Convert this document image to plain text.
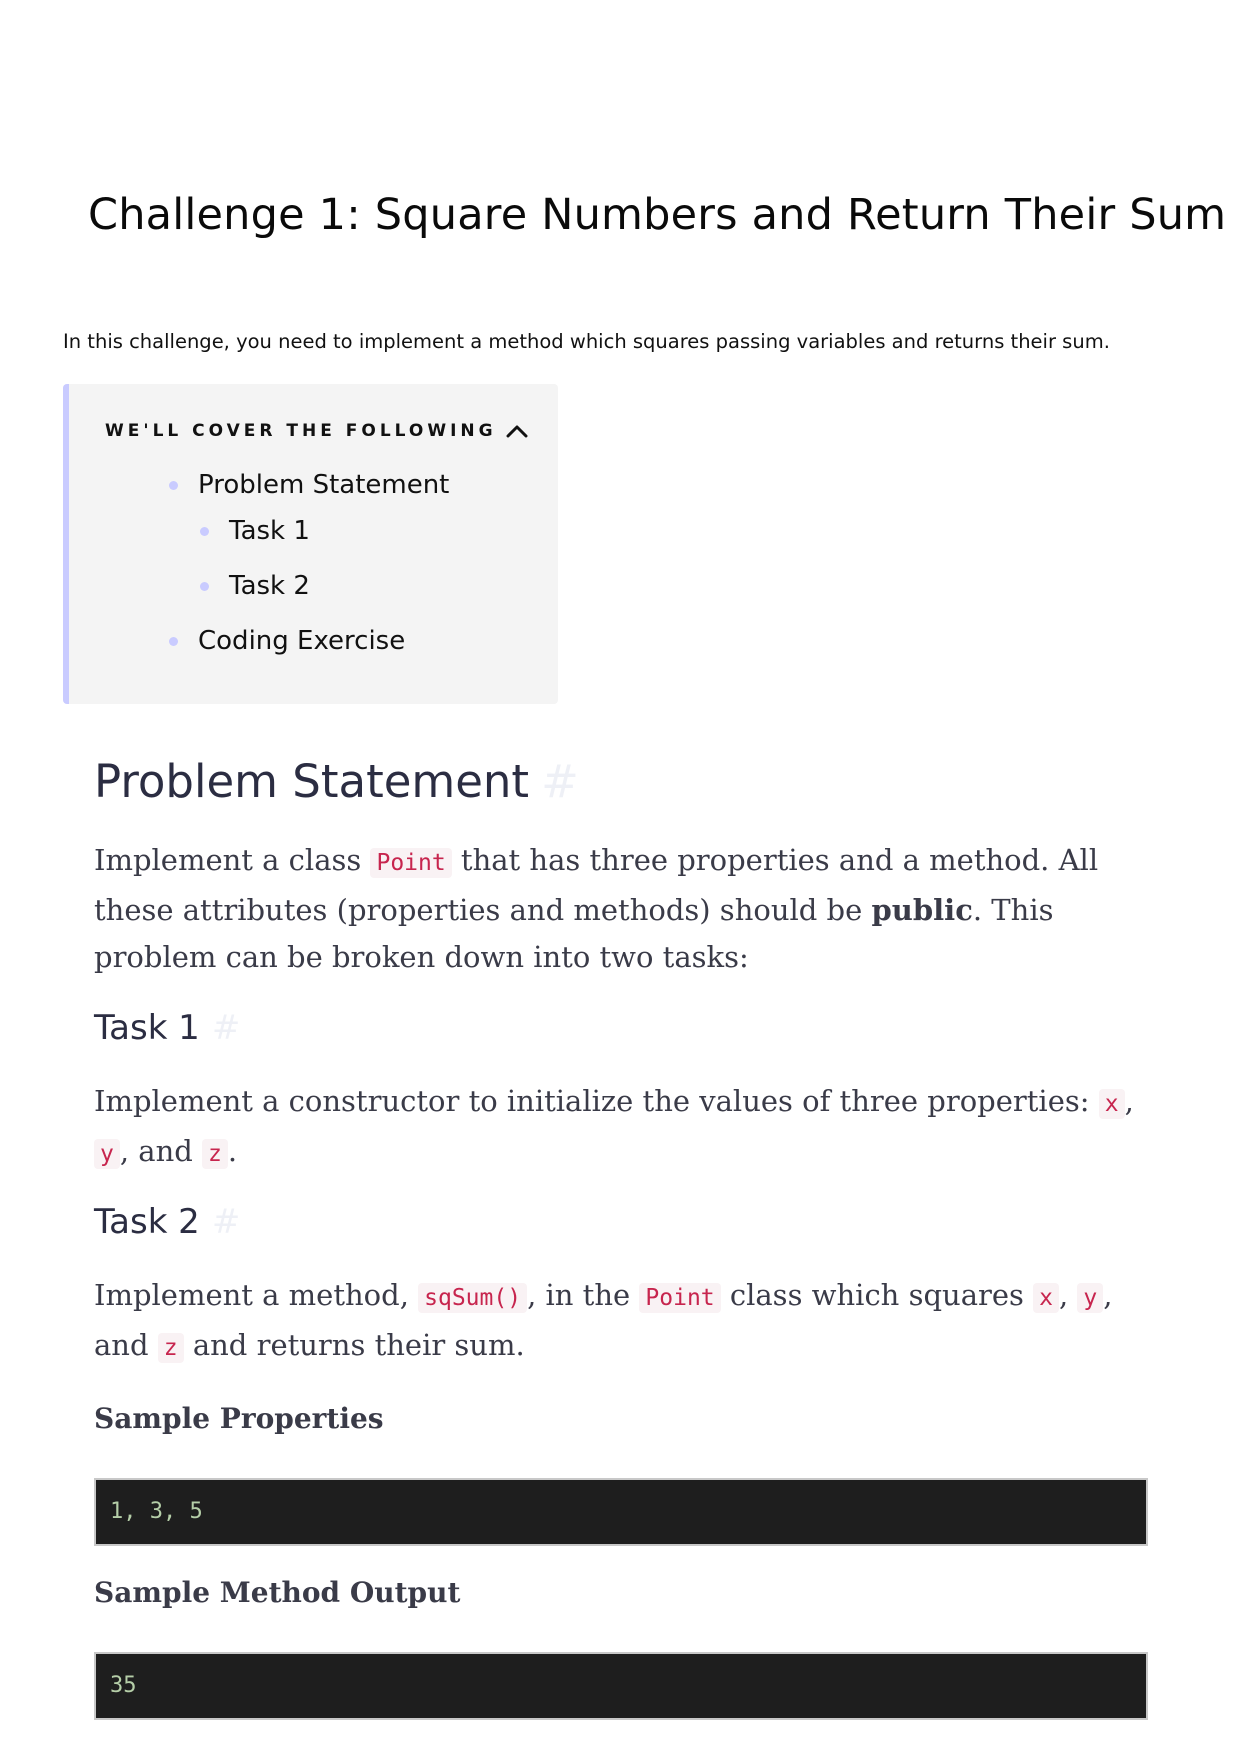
Challenge 1: Square Numbers and Return Their Sum

In this challenge, you need to implement a method which squares passing variables and returns their sum.

WE'LL COVER THE FOLLOWING
Problem Statement
Task 1
Task 2
Coding Exercise
Problem Statement #

Implement a class Point that has three properties and a method. All these attributes (properties and methods) should be public. This problem can be broken down into two tasks:

Task 1 #

Implement a constructor to initialize the values of three properties: x , y , and z .

Task 2 #

Implement a method, sqSum() , in the Point class which squares x , y , and z and returns their sum.

Sample Properties

1, 3, 5

Sample Method Output

35
